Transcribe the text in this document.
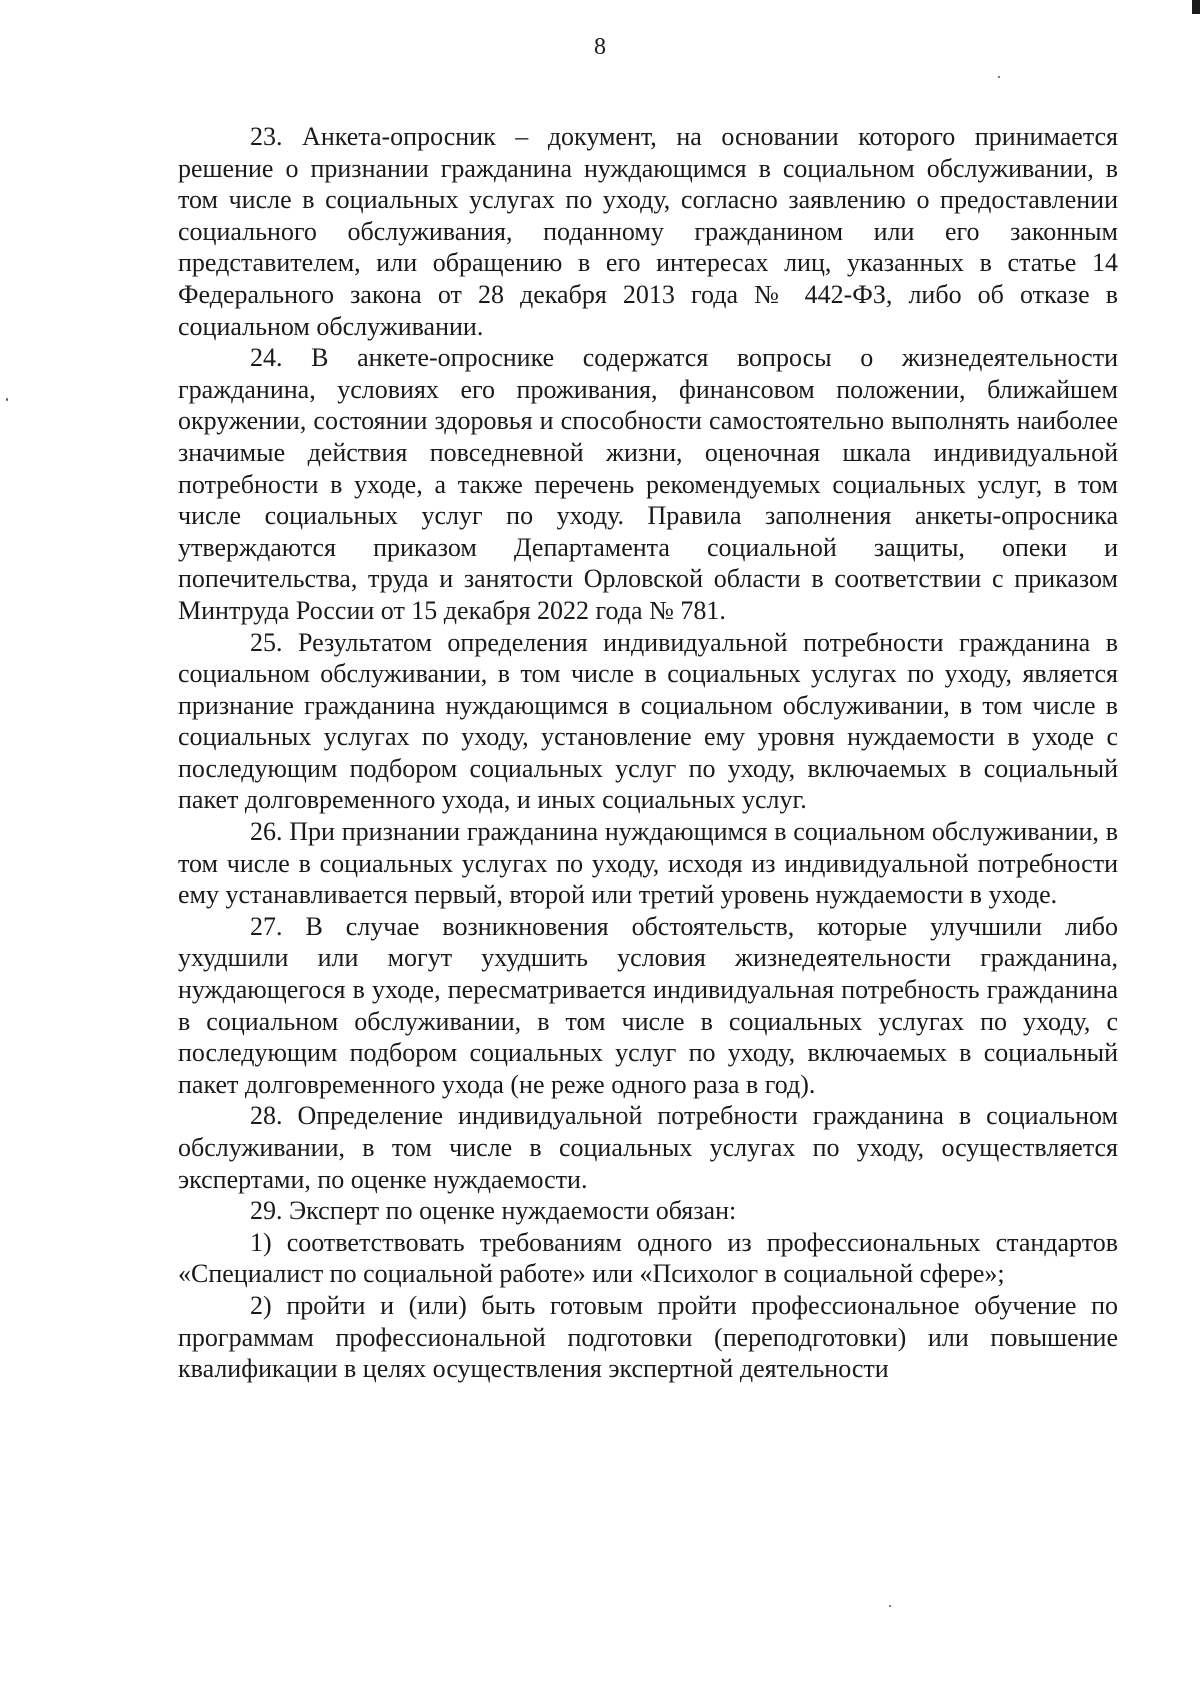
8

23. Анкета-опросник – документ, на основании которого принимается решение о признании гражданина нуждающимся в социальном обслуживании, в том числе в социальных услугах по уходу, согласно заявлению о предоставлении социального обслуживания, поданному гражданином или его законным представителем, или обращению в его интересах лиц, указанных в статье 14 Федерального закона от 28 декабря 2013 года № 442-ФЗ, либо об отказе в социальном обслуживании.

24. В анкете-опроснике содержатся вопросы о жизнедеятельности гражданина, условиях его проживания, финансовом положении, ближайшем окружении, состоянии здоровья и способности самостоятельно выполнять наиболее значимые действия повседневной жизни, оценочная шкала индивидуальной потребности в уходе, а также перечень рекомендуемых социальных услуг, в том числе социальных услуг по уходу. Правила заполнения анкеты-опросника утверждаются приказом Департамента социальной защиты, опеки и попечительства, труда и занятости Орловской области в соответствии с приказом Минтруда России от 15 декабря 2022 года № 781.

25. Результатом определения индивидуальной потребности гражданина в социальном обслуживании, в том числе в социальных услугах по уходу, является признание гражданина нуждающимся в социальном обслуживании, в том числе в социальных услугах по уходу, установление ему уровня нуждаемости в уходе с последующим подбором социальных услуг по уходу, включаемых в социальный пакет долговременного ухода, и иных социальных услуг.

26. При признании гражданина нуждающимся в социальном обслуживании, в том числе в социальных услугах по уходу, исходя из индивидуальной потребности ему устанавливается первый, второй или третий уровень нуждаемости в уходе.

27. В случае возникновения обстоятельств, которые улучшили либо ухудшили или могут ухудшить условия жизнедеятельности гражданина, нуждающегося в уходе, пересматривается индивидуальная потребность гражданина в социальном обслуживании, в том числе в социальных услугах по уходу, с последующим подбором социальных услуг по уходу, включаемых в социальный пакет долговременного ухода (не реже одного раза в год).

28. Определение индивидуальной потребности гражданина в социальном обслуживании, в том числе в социальных услугах по уходу, осуществляется экспертами, по оценке нуждаемости.

29. Эксперт по оценке нуждаемости обязан:

1) соответствовать требованиям одного из профессиональных стандартов «Специалист по социальной работе» или «Психолог в социальной сфере»;

2) пройти и (или) быть готовым пройти профессиональное обучение по программам профессиональной подготовки (переподготовки) или повышение квалификации в целях осуществления экспертной деятельности
